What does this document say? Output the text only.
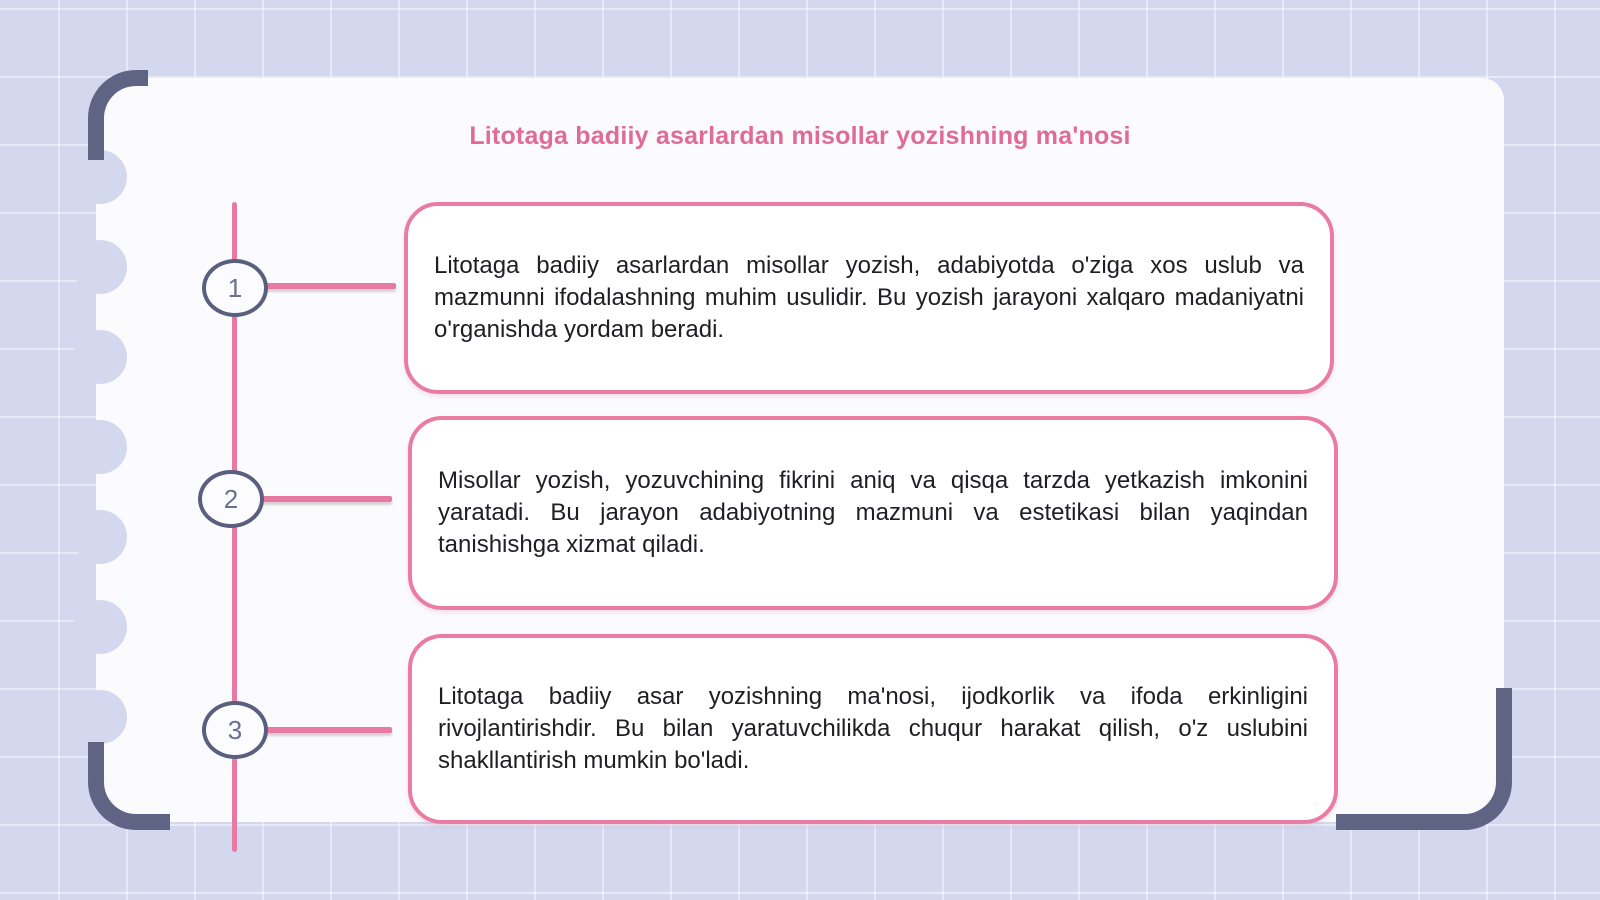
Litotaga badiiy asarlardan misollar yozishning ma'nosi

Litotaga badiiy asarlardan misollar yozish, adabiyotda o'ziga xos uslub va mazmunni ifodalashning muhim usulidir. Bu yozish jarayoni xalqaro madaniyatni o'rganishda yordam beradi.

1

Misollar yozish, yozuvchining fikrini aniq va qisqa tarzda yetkazish imkonini yaratadi. Bu jarayon adabiyotning mazmuni va estetikasi bilan yaqindan tanishishga xizmat qiladi.

2

Litotaga badiiy asar yozishning ma'nosi, ijodkorlik va ifoda erkinligini rivojlantirishdir. Bu bilan yaratuvchilikda chuqur harakat qilish, o'z uslubini shakllantirish mumkin bo'ladi.

3
